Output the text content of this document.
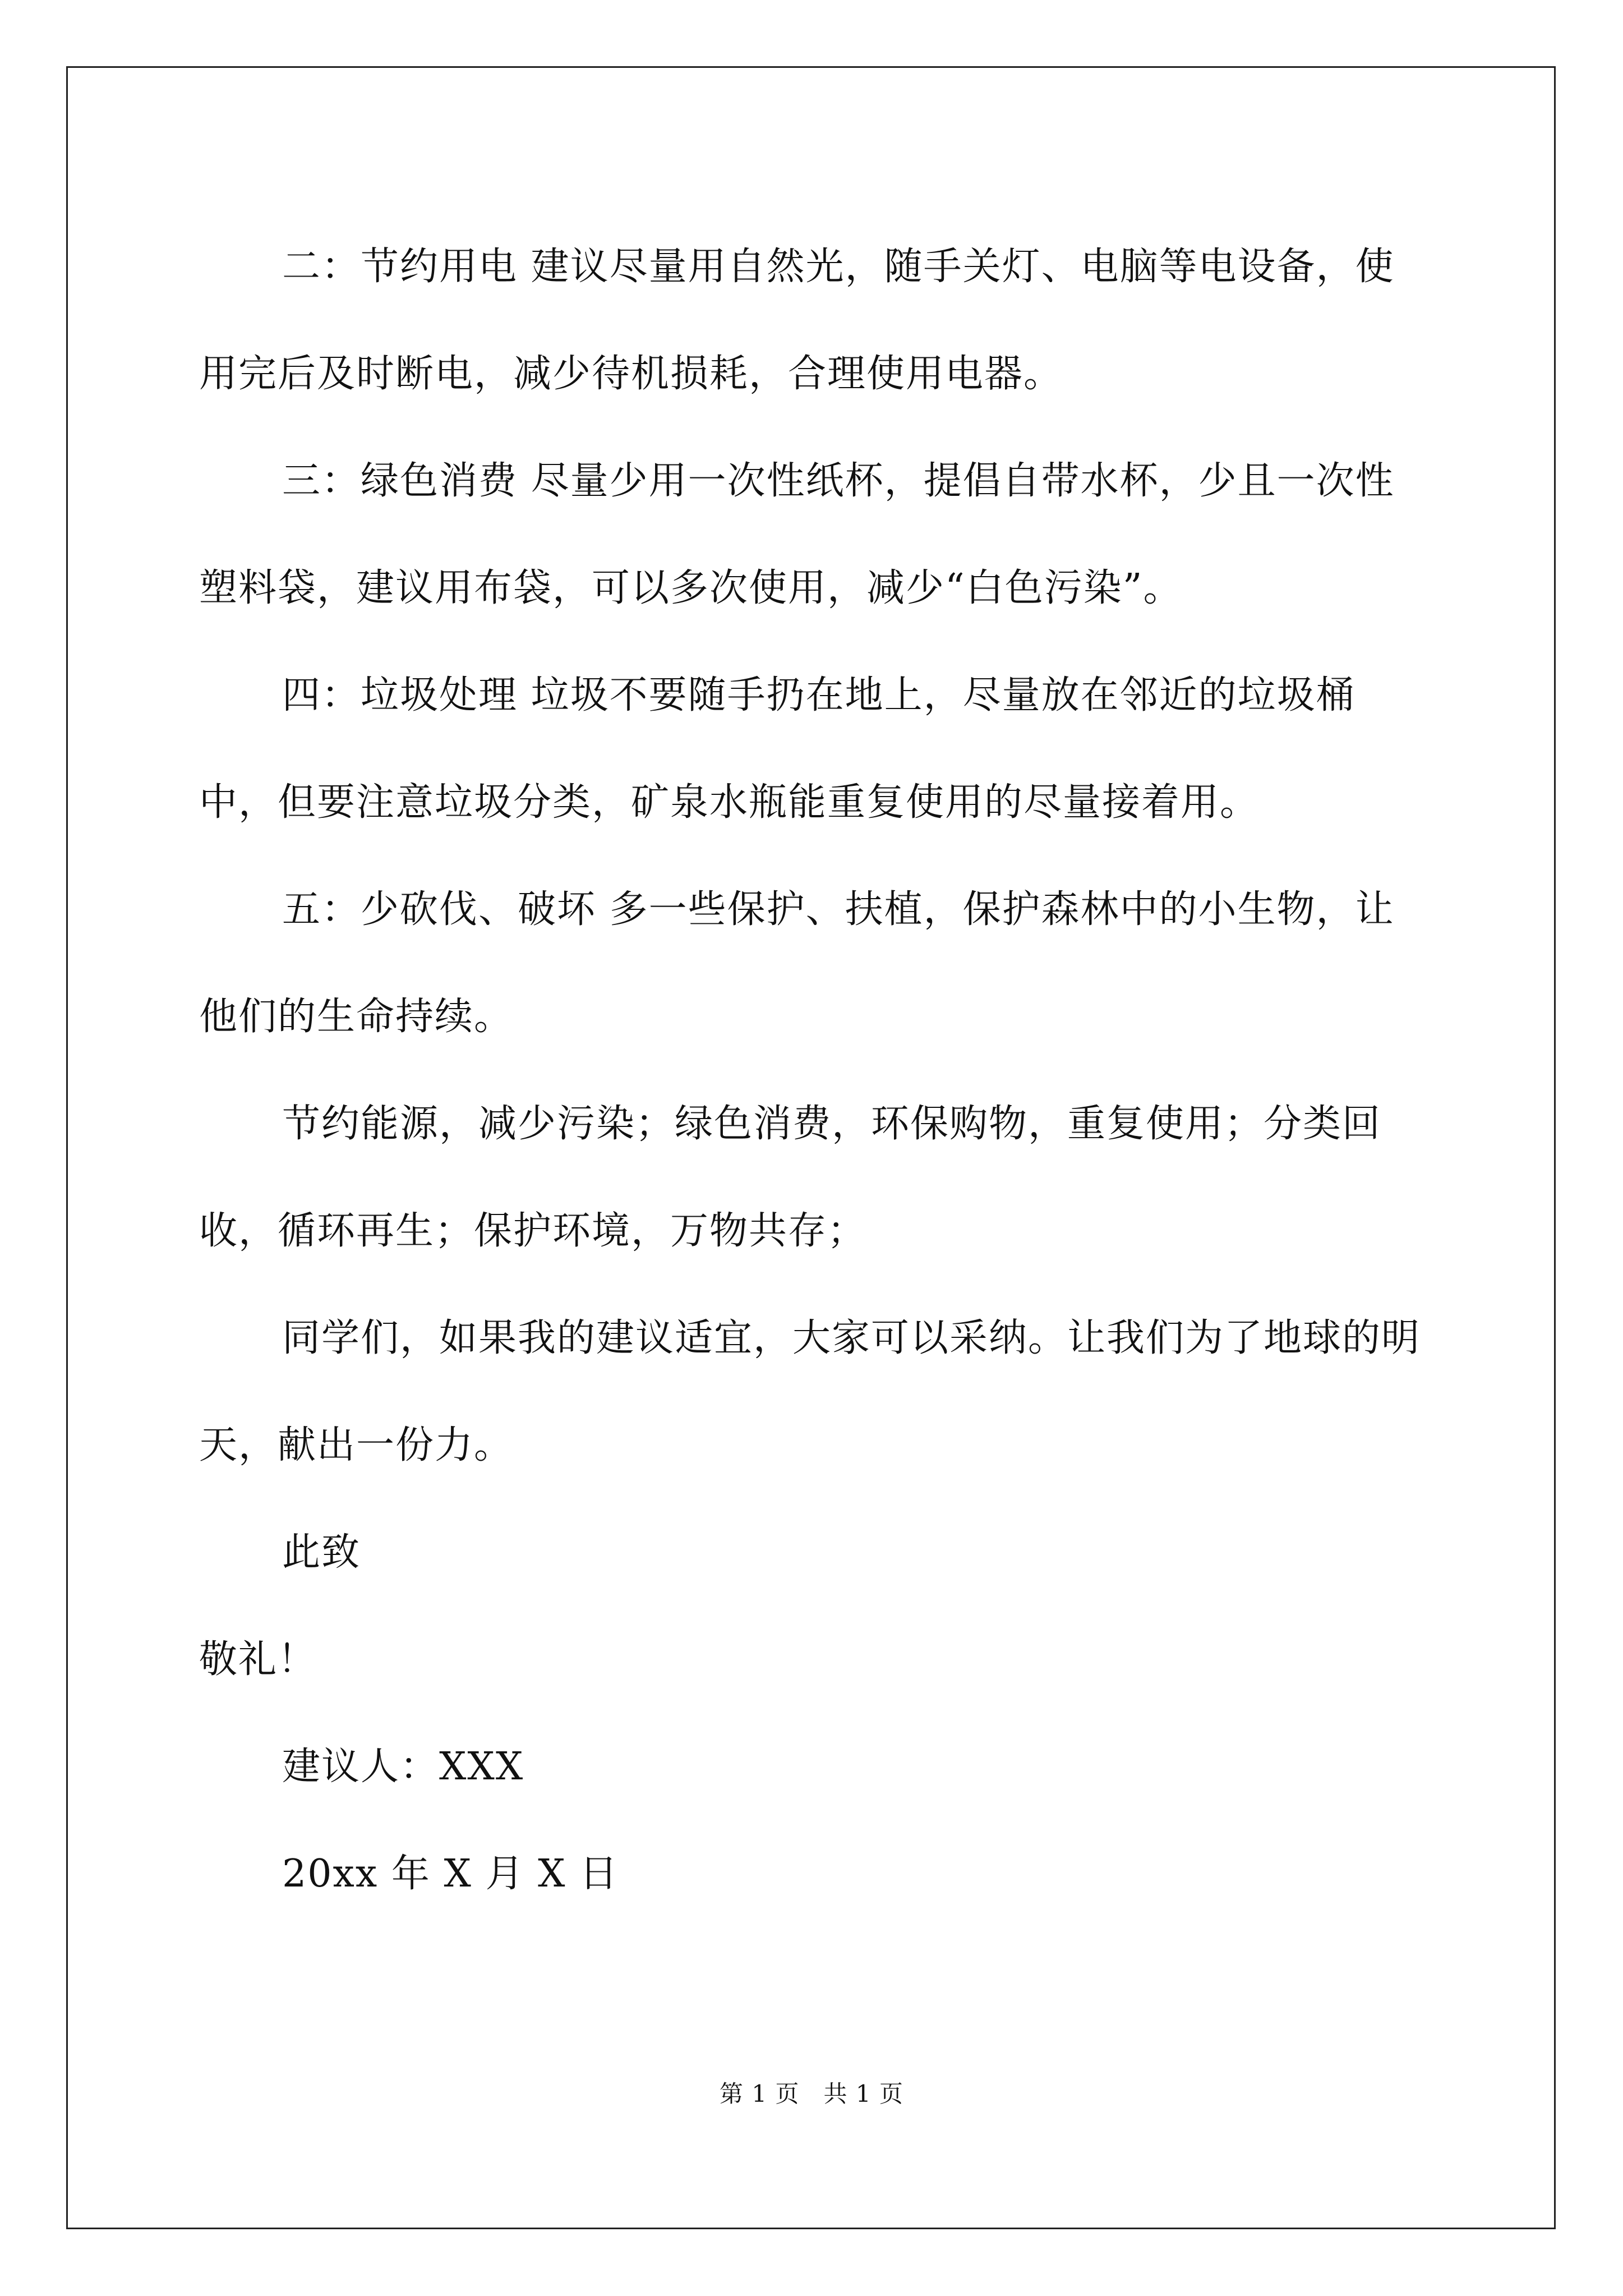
二：节约用电 建议尽量用自然光，随手关灯、电脑等电设备，使用完后及时断电，减少待机损耗，合理使用电器。

三：绿色消费 尽量少用一次性纸杯，提倡自带水杯，少且一次性塑料袋，建议用布袋，可以多次使用，减少“白色污染”。

四：垃圾处理 垃圾不要随手扔在地上，尽量放在邻近的垃圾桶中，但要注意垃圾分类，矿泉水瓶能重复使用的尽量接着用。

五：少砍伐、破坏 多一些保护、扶植，保护森林中的小生物，让他们的生命持续。

节约能源，减少污染；绿色消费，环保购物，重复使用；分类回收，循环再生；保护环境，万物共存；

同学们，如果我的建议适宜，大家可以采纳。让我们为了地球的明天，献出一份力。

此致

敬礼！

建议人：XXX

20xx 年 X 月 X 日

第 1 页   共 1 页
